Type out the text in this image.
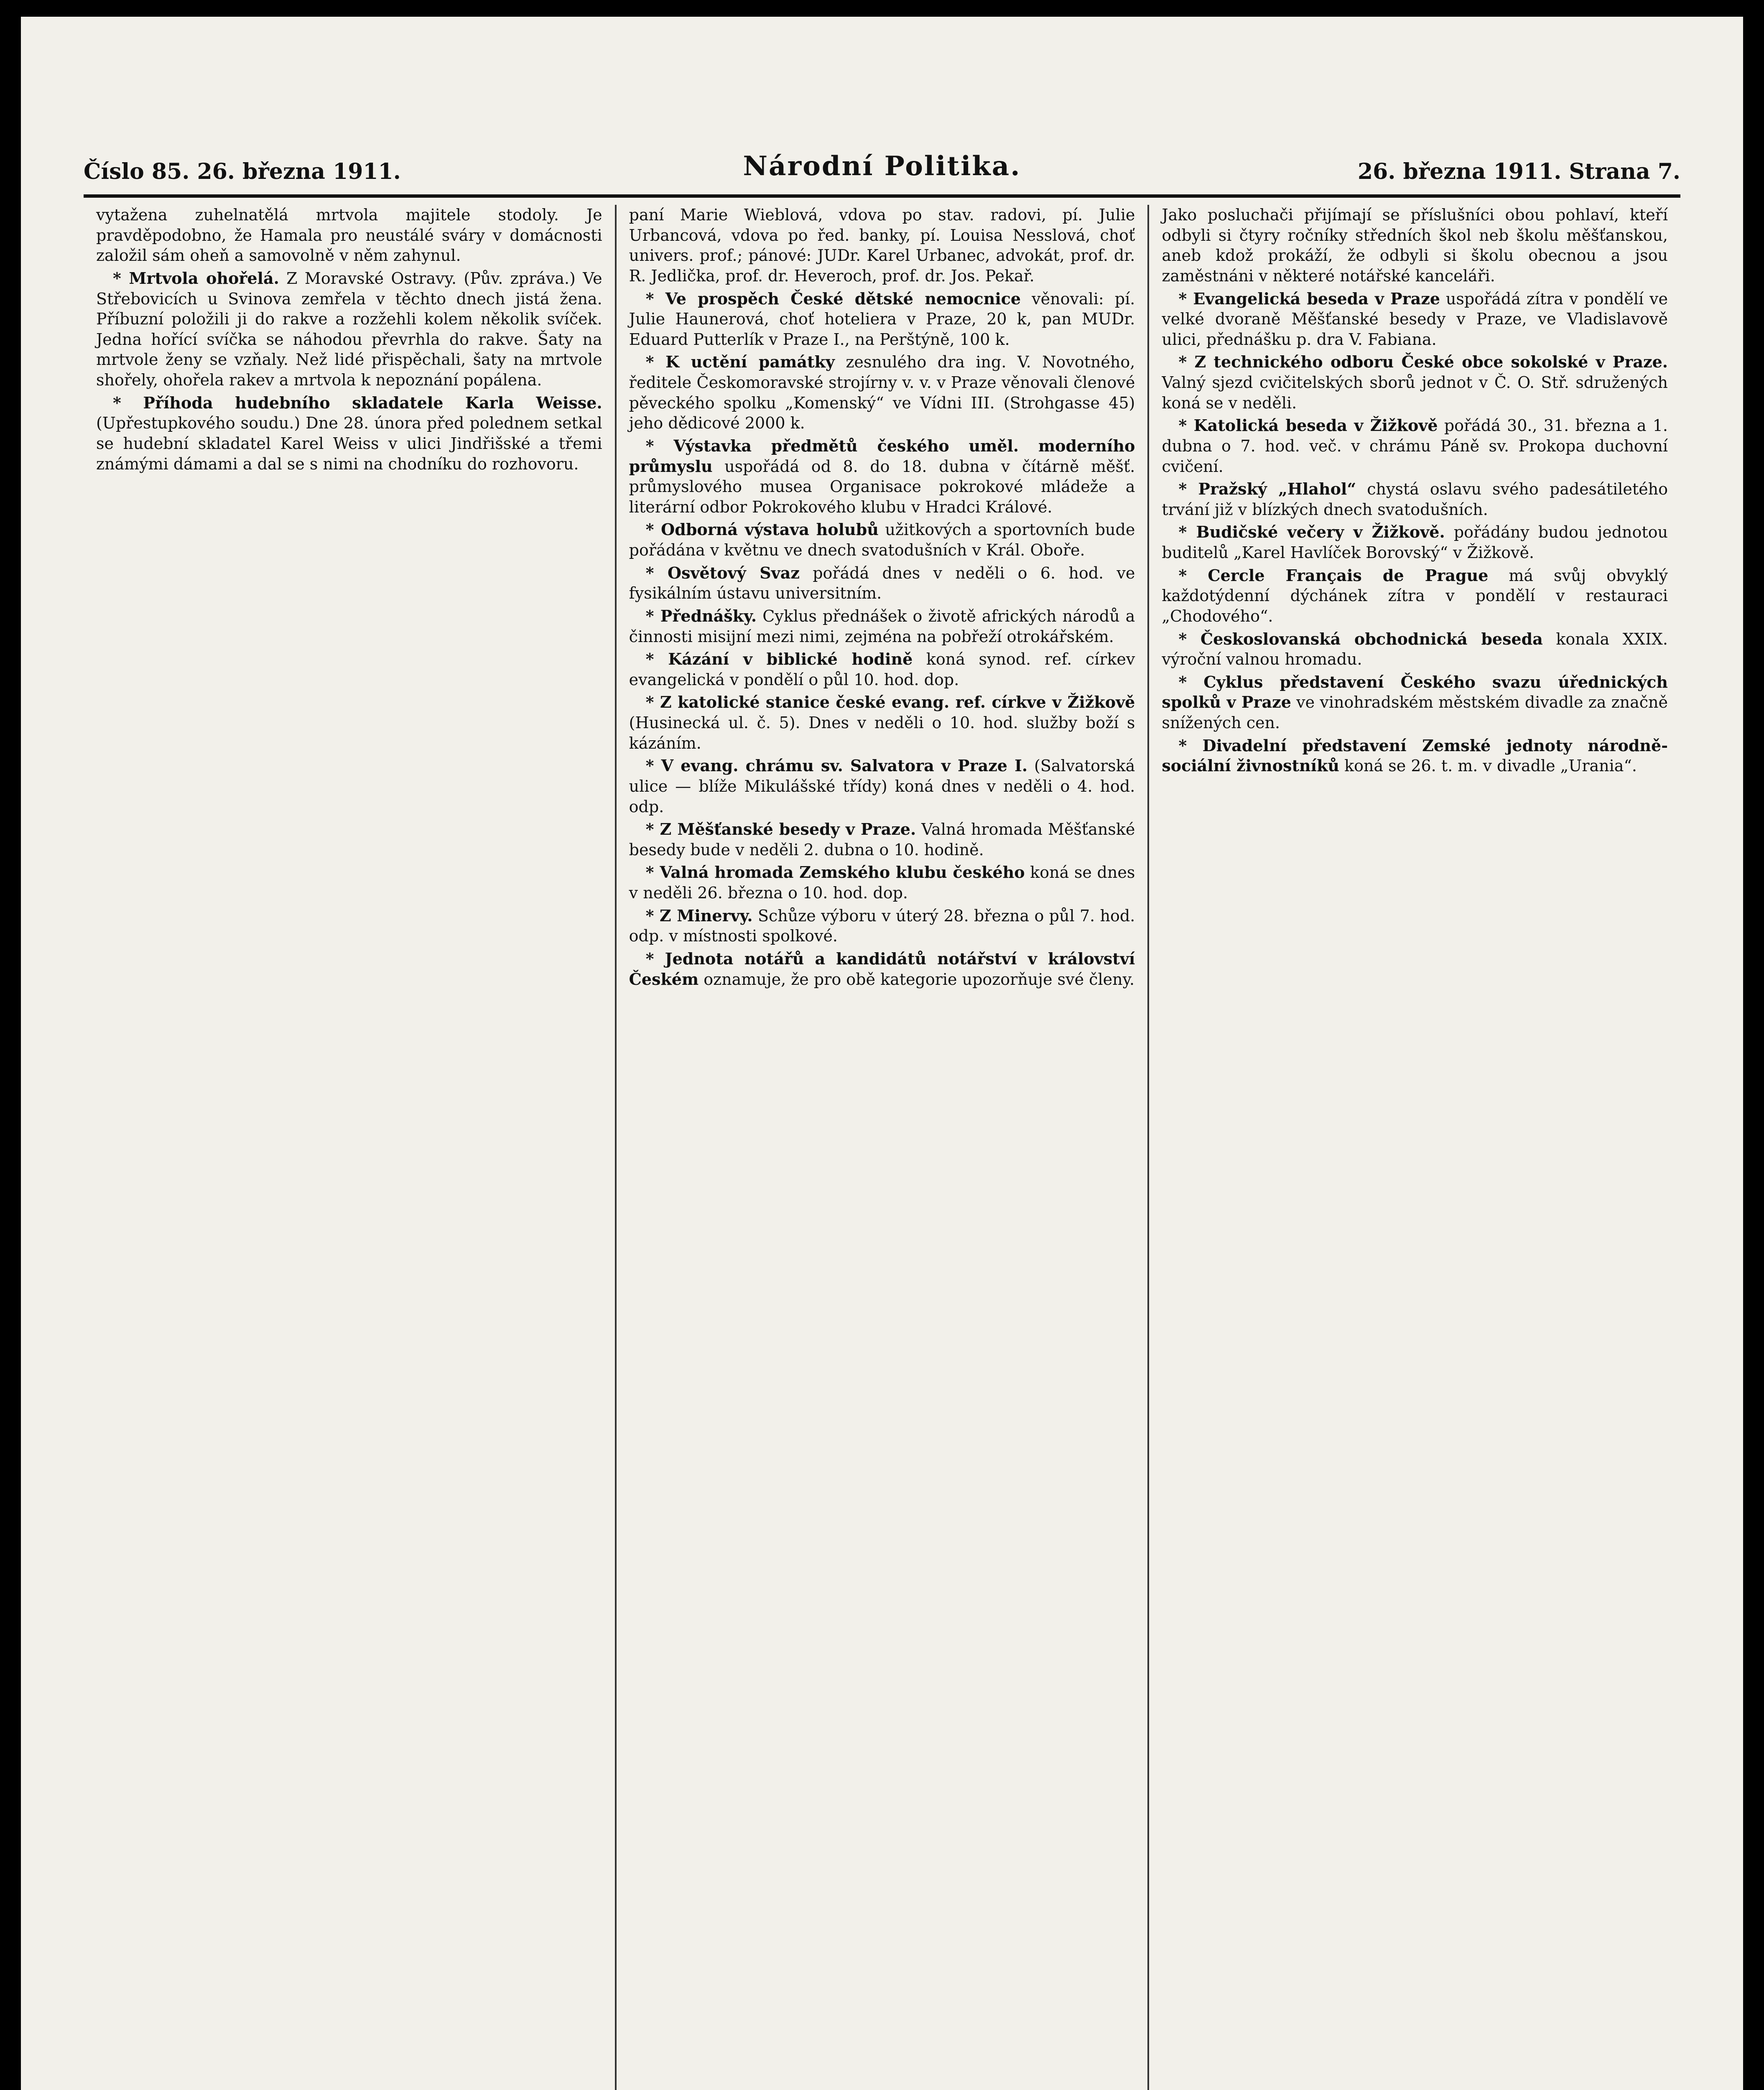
Číslo 85. 26. března 1911.	Národní Politika.	26. března 1911. Strana 7.

vytažena zuhelnatělá mrtvola majitele stodoly. Je pravděpodobno, že Hamala pro neustálé sváry v domácnosti založil sám oheň a samovolně v něm zahynul.

* Mrtvola ohořelá. Z Moravské Ostravy. (Pův. zpráva.) Ve Střebovicích u Svinova zemřela v těchto dnech jistá žena. Příbuzní položili ji do rakve a rozžehli kolem několik svíček. Jedna hořící svíčka se náhodou převrhla do rakve. Šaty na mrtvole ženy se vzňaly. Než lidé přispěchali, šaty na mrtvole shořely, ohořela rakev a mrtvola k nepoznání popálena.

* Příhoda hudebního skladatele Karla Weisse. (Upřestupkového soudu.) Dne 28. února před polednem setkal se hudební skladatel Karel Weiss v ulici Jindřišské a třemi známými dámami a dal se s nimi na chodníku do rozhovoru.

paní Marie Wieblová, vdova po stav. radovi, pí. Julie Urbancová, vdova po řed. banky, pí. Louisa Nesslová, choť univers. prof.; pánové: JUDr. Karel Urbanec, advokát, prof. dr. R. Jedlička, prof. dr. Heveroch, prof. dr. Jos. Pekař.

* Ve prospěch České dětské nemocnice věnovali: pí. Julie Haunerová, choť hoteliera v Praze, 20 k, pan MUDr. Eduard Putterlík v Praze I., na Perštýně, 100 k.

* K uctění památky zesnulého dra ing. V. Novotného, ředitele Českomoravské strojírny v. v. v Praze věnovali členové pěveckého spolku „Komenský“ ve Vídni III. (Strohgasse 45) jeho dědicové 2000 k.

* Výstavka předmětů českého uměl. moderního průmyslu uspořádá od 8. do 18. dubna v čítárně měšť. průmyslového musea Organisace pokrokové mládeže a literární odbor Pokrokového klubu v Hradci Králové.

* Odborná výstava holubů užitkových a sportovních bude pořádána v květnu ve dnech svatodušních v Král. Oboře.

* Osvětový Svaz pořádá dnes v neděli o 6. hod. ve fysikálním ústavu universitním.

* Přednášky. Cyklus přednášek o životě afrických národů a činnosti misijní mezi nimi, zejména na pobřeží otrokářském.

* Kázání v biblické hodině koná synod. ref. církev evangelická v pondělí o půl 10. hod. dop.

* Z katolické stanice české evang. ref. církve v Žižkově (Husinecká ul. č. 5). Dnes v neděli o 10. hod. služby boží s kázáním.

* V evang. chrámu sv. Salvatora v Praze I. (Salvatorská ulice — blíže Mikulášské třídy) koná dnes v neděli o 4. hod. odp.

* Z Měšťanské besedy v Praze. Valná hromada Měšťanské besedy bude v neděli 2. dubna o 10. hodině.

* Valná hromada Zemského klubu českého koná se dnes v neděli 26. března o 10. hod. dop.

* Z Minervy. Schůze výboru v úterý 28. března o půl 7. hod. odp. v místnosti spolkové.

* Jednota notářů a kandidátů notářství v království Českém oznamuje, že pro obě kategorie upozorňuje své členy.

Jako posluchači přijímají se příslušníci obou pohlaví, kteří odbyli si čtyry ročníky středních škol neb školu měšťanskou, aneb kdož prokáží, že odbyli si školu obecnou a jsou zaměstnáni v některé notářské kanceláři.

* Evangelická beseda v Praze uspořádá zítra v pondělí ve velké dvoraně Měšťanské besedy v Praze, ve Vladislavově ulici, přednášku p. dra V. Fabiana.

* Z technického odboru České obce sokolské v Praze. Valný sjezd cvičitelských sborů jednot v Č. O. Stř. sdružených koná se v neděli.

* Katolická beseda v Žižkově pořádá 30., 31. března a 1. dubna o 7. hod. več. v chrámu Páně sv. Prokopa duchovní cvičení.

* Pražský „Hlahol“ chystá oslavu svého padesátiletého trvání již v blízkých dnech svatodušních.

* Budičské večery v Žižkově. pořádány budou jednotou buditelů „Karel Havlíček Borovský“ v Žižkově.

* Cercle Français de Prague má svůj obvyklý každotýdenní dýchánek zítra v pondělí v restauraci „Chodového“.

* Českoslovanská obchodnická beseda konala XXIX. výroční valnou hromadu.

* Cyklus představení Českého svazu úřednických spolků v Praze ve vinohradském městském divadle za značně snížených cen.

* Divadelní představení Zemské jednoty národně-sociální živnostníků koná se 26. t. m. v divadle „Urania“.
